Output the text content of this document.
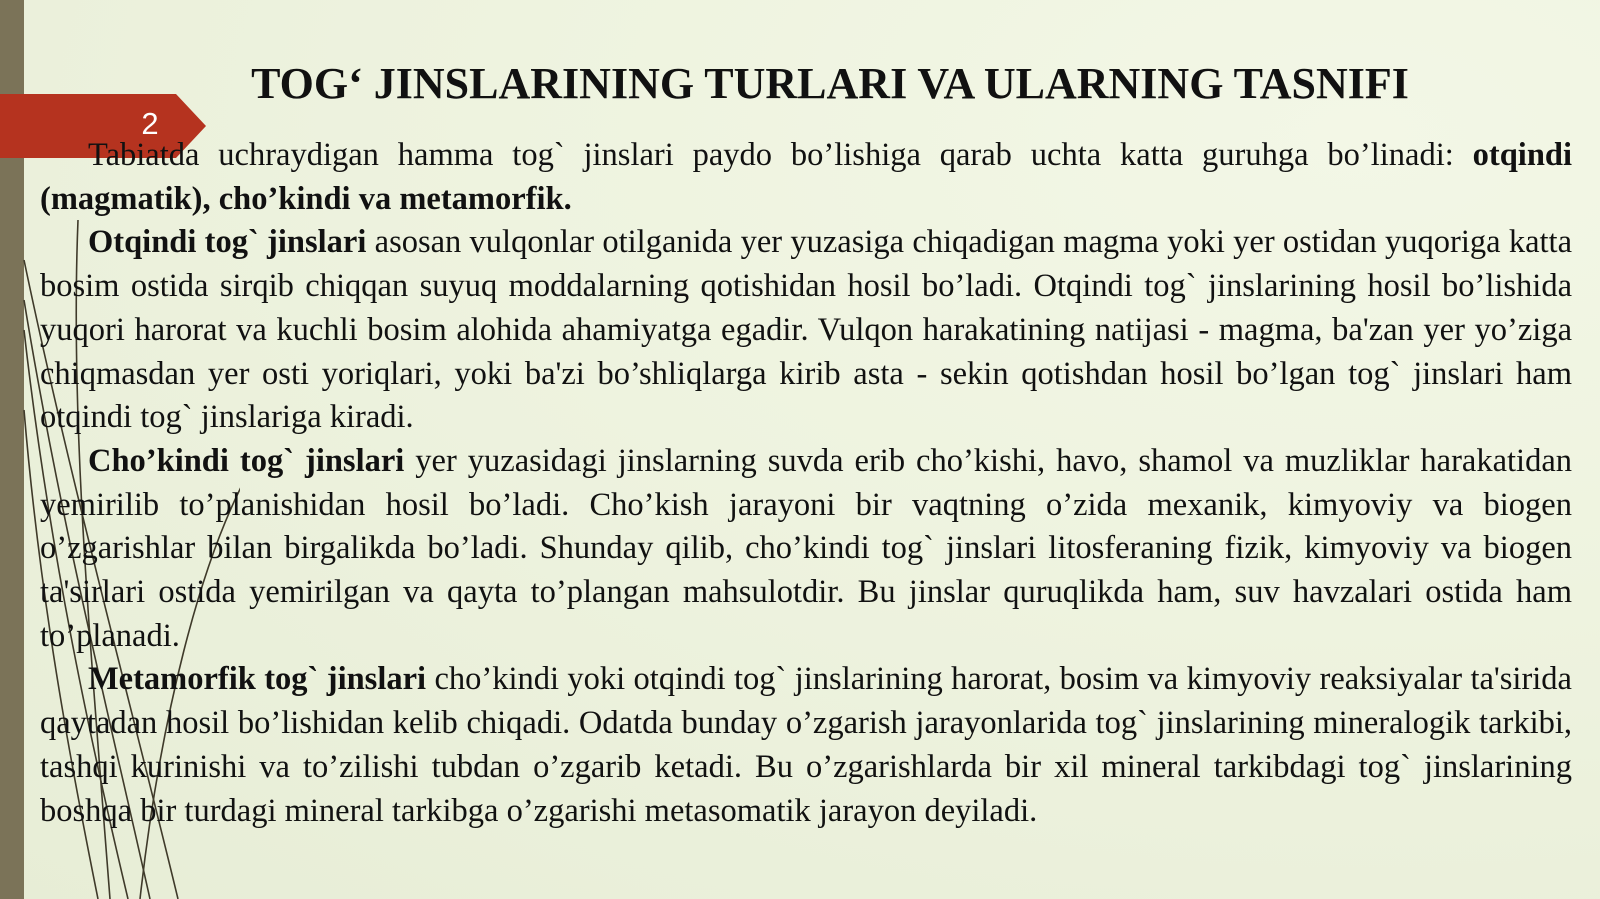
2
TOG‘ JINSLARINING TURLARI VA ULARNING TASNIFI

Tabiatda uchraydigan hamma tog` jinslari paydo bo’lishiga qarab uchta katta guruhga bo’linadi: otqindi (magmatik), cho’kindi va metamorfik.

Otqindi tog` jinslari asosan vulqonlar otilganida yer yuzasiga chiqadigan magma yoki yer ostidan yuqoriga katta bosim ostida sirqib chiqqan suyuq moddalarning qotishidan hosil bo’ladi. Otqindi tog` jinslarining hosil bo’lishida yuqori harorat va kuchli bosim alohida ahamiyatga egadir. Vulqon harakatining natijasi - magma, ba'zan yer yo’ziga chiqmasdan yer osti yoriqlari, yoki ba'zi bo’shliqlarga kirib asta - sekin qotishdan hosil bo’lgan tog` jinslari ham otqindi tog` jinslariga kiradi.

Cho’kindi tog` jinslari yer yuzasidagi jinslarning suvda erib cho’kishi, havo, shamol va muzliklar harakatidan yemirilib to’planishidan hosil bo’ladi. Cho’kish jarayoni bir vaqtning o’zida mexanik, kimyoviy va biogen o’zgarishlar bilan birgalikda bo’ladi. Shunday qilib, cho’kindi tog` jinslari litosferaning fizik, kimyoviy va biogen ta'sirlari ostida yemirilgan va qayta to’plangan mahsulotdir. Bu jinslar quruqlikda ham, suv havzalari ostida ham to’planadi.

Metamorfik tog` jinslari cho’kindi yoki otqindi tog` jinslarining harorat, bosim va kimyoviy reaksiyalar ta'sirida qaytadan hosil bo’lishidan kelib chiqadi. Odatda bunday o’zgarish jarayonlarida tog` jinslarining mineralogik tarkibi, tashqi kurinishi va to’zilishi tubdan o’zgarib ketadi. Bu o’zgarishlarda bir xil mineral tarkibdagi tog` jinslarining boshqa bir turdagi mineral tarkibga o’zgarishi metasomatik jarayon deyiladi.
